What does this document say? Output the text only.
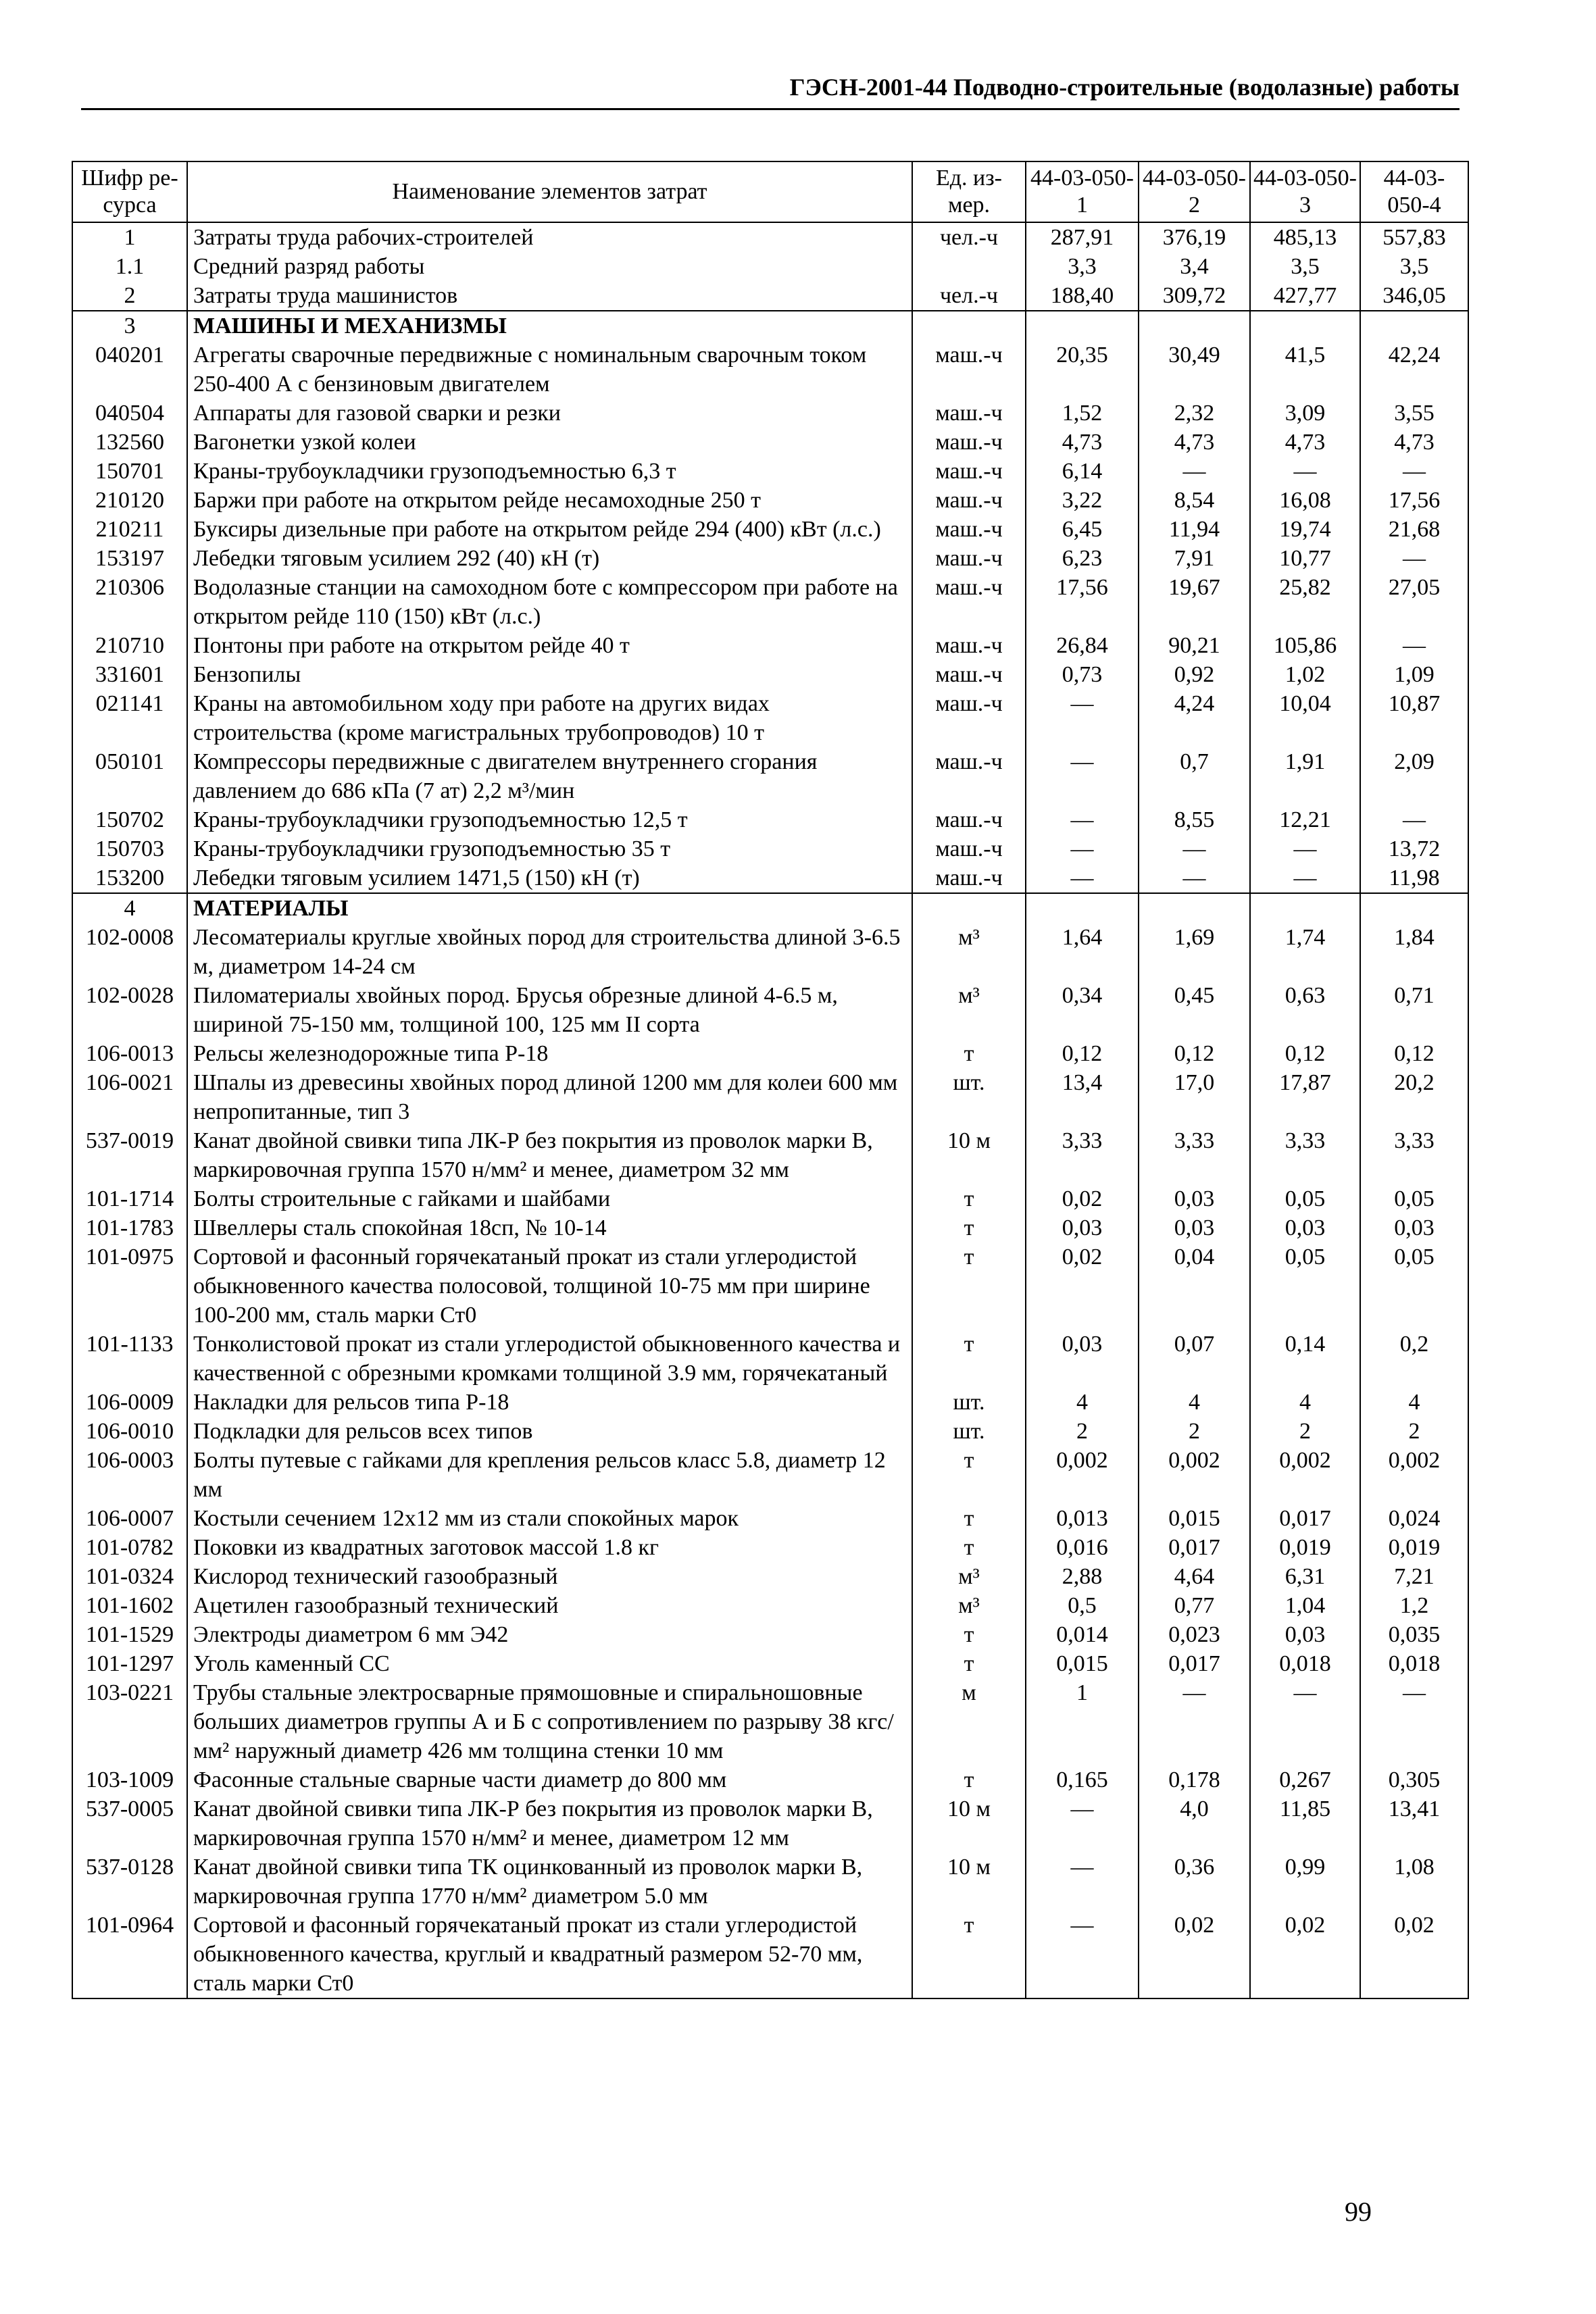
ГЭСН-2001-44 Подводно-строительные (водолазные) работы
Шифр ре-сурса	Наименование элементов затрат	Ед. из-мер.	44-03-050-1	44-03-050-2	44-03-050-3	44-03-050-4
1	Затраты труда рабочих-строителей	чел.-ч	287,91	376,19	485,13	557,83
1.1	Средний разряд работы		3,3	3,4	3,5	3,5
2	Затраты труда машинистов	чел.-ч	188,40	309,72	427,77	346,05
3	МАШИНЫ И МЕХАНИЗМЫ					
040201	Агрегаты сварочные передвижные с номинальным сварочным током 250-400 А с бензиновым двигателем	маш.-ч	20,35	30,49	41,5	42,24
040504	Аппараты для газовой сварки и резки	маш.-ч	1,52	2,32	3,09	3,55
132560	Вагонетки узкой колеи	маш.-ч	4,73	4,73	4,73	4,73
150701	Краны-трубоукладчики грузоподъемностью 6,3 т	маш.-ч	6,14	—	—	—
210120	Баржи при работе на открытом рейде несамоходные 250 т	маш.-ч	3,22	8,54	16,08	17,56
210211	Буксиры дизельные при работе на открытом рейде 294 (400) кВт (л.с.)	маш.-ч	6,45	11,94	19,74	21,68
153197	Лебедки тяговым усилием 292 (40) кН (т)	маш.-ч	6,23	7,91	10,77	—
210306	Водолазные станции на самоходном боте с компрессором при работе на открытом рейде 110 (150) кВт (л.с.)	маш.-ч	17,56	19,67	25,82	27,05
210710	Понтоны при работе на открытом рейде 40 т	маш.-ч	26,84	90,21	105,86	—
331601	Бензопилы	маш.-ч	0,73	0,92	1,02	1,09
021141	Краны на автомобильном ходу при работе на других видах строительства (кроме магистральных трубопроводов) 10 т	маш.-ч	—	4,24	10,04	10,87
050101	Компрессоры передвижные с двигателем внутреннего сгорания давлением до 686 кПа (7 ат) 2,2 м³/мин	маш.-ч	—	0,7	1,91	2,09
150702	Краны-трубоукладчики грузоподъемностью 12,5 т	маш.-ч	—	8,55	12,21	—
150703	Краны-трубоукладчики грузоподъемностью 35 т	маш.-ч	—	—	—	13,72
153200	Лебедки тяговым усилием 1471,5 (150) кН (т)	маш.-ч	—	—	—	11,98
4	МАТЕРИАЛЫ					
102-0008	Лесоматериалы круглые хвойных пород для строительства длиной 3-6.5 м, диаметром 14-24 см	м³	1,64	1,69	1,74	1,84
102-0028	Пиломатериалы хвойных пород. Брусья обрезные длиной 4-6.5 м, шириной 75-150 мм, толщиной 100, 125 мм II сорта	м³	0,34	0,45	0,63	0,71
106-0013	Рельсы железнодорожные типа Р-18	т	0,12	0,12	0,12	0,12
106-0021	Шпалы из древесины хвойных пород длиной 1200 мм для колеи 600 мм непропитанные, тип 3	шт.	13,4	17,0	17,87	20,2
537-0019	Канат двойной свивки типа ЛК-Р без покрытия из проволок марки В, маркировочная группа 1570 н/мм² и менее, диаметром 32 мм	10 м	3,33	3,33	3,33	3,33
101-1714	Болты строительные с гайками и шайбами	т	0,02	0,03	0,05	0,05
101-1783	Швеллеры сталь спокойная 18сп, № 10-14	т	0,03	0,03	0,03	0,03
101-0975	Сортовой и фасонный горячекатаный прокат из стали углеродистой обыкновенного качества полосовой, толщиной 10-75 мм при ширине 100-200 мм, сталь марки Ст0	т	0,02	0,04	0,05	0,05
101-1133	Тонколистовой прокат из стали углеродистой обыкновенного качества и качественной с обрезными кромками толщиной 3.9 мм, горячекатаный	т	0,03	0,07	0,14	0,2
106-0009	Накладки для рельсов типа Р-18	шт.	4	4	4	4
106-0010	Подкладки для рельсов всех типов	шт.	2	2	2	2
106-0003	Болты путевые с гайками для крепления рельсов класс 5.8, диаметр 12 мм	т	0,002	0,002	0,002	0,002
106-0007	Костыли сечением 12х12 мм из стали спокойных марок	т	0,013	0,015	0,017	0,024
101-0782	Поковки из квадратных заготовок массой 1.8 кг	т	0,016	0,017	0,019	0,019
101-0324	Кислород технический газообразный	м³	2,88	4,64	6,31	7,21
101-1602	Ацетилен газообразный технический	м³	0,5	0,77	1,04	1,2
101-1529	Электроды диаметром 6 мм Э42	т	0,014	0,023	0,03	0,035
101-1297	Уголь каменный СС	т	0,015	0,017	0,018	0,018
103-0221	Трубы стальные электросварные прямошовные и спиральношовные больших диаметров группы А и Б с сопротивлением по разрыву 38 кгс/мм² наружный диаметр 426 мм толщина стенки 10 мм	м	1	—	—	—
103-1009	Фасонные стальные сварные части диаметр до 800 мм	т	0,165	0,178	0,267	0,305
537-0005	Канат двойной свивки типа ЛК-Р без покрытия из проволок марки В, маркировочная группа 1570 н/мм² и менее, диаметром 12 мм	10 м	—	4,0	11,85	13,41
537-0128	Канат двойной свивки типа ТК оцинкованный из проволок марки В, маркировочная группа 1770 н/мм² диаметром 5.0 мм	10 м	—	0,36	0,99	1,08
101-0964	Сортовой и фасонный горячекатаный прокат из стали углеродистой обыкновенного качества, круглый и квадратный размером 52-70 мм, сталь марки Ст0	т	—	0,02	0,02	0,02
99
